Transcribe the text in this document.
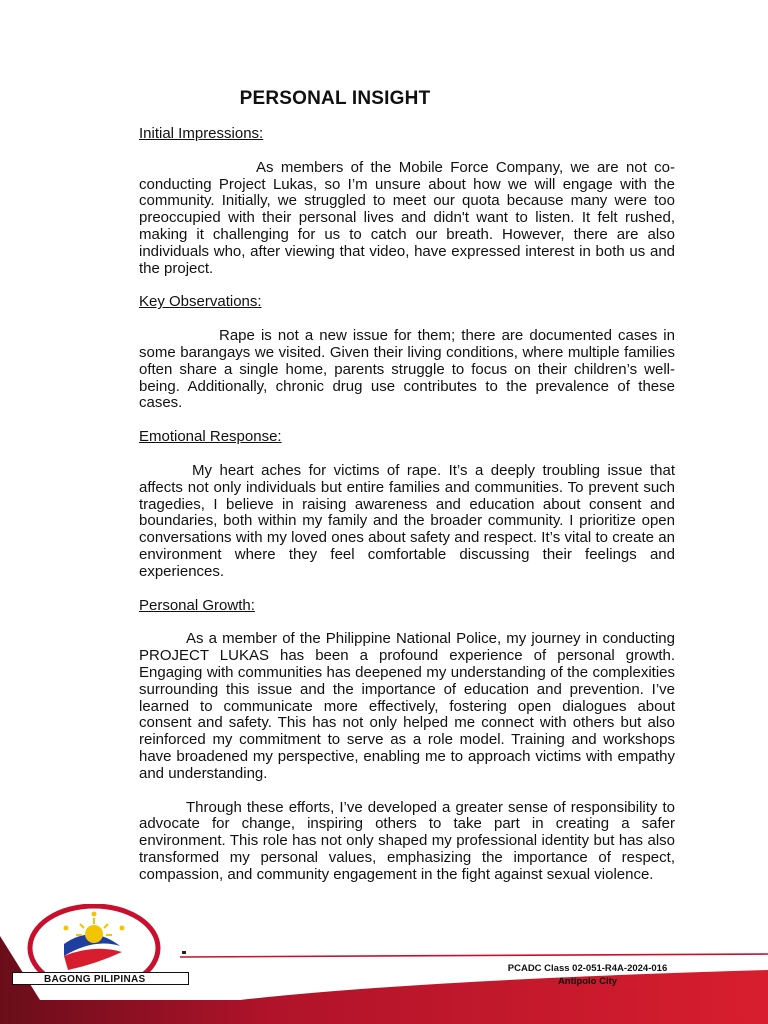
PERSONAL INSIGHT

Initial Impressions:

As members of the Mobile Force Company, we are not co-conducting Project Lukas, so I’m unsure about how we will engage with the community. Initially, we struggled to meet our quota because many were too preoccupied with their personal lives and didn't want to listen. It felt rushed, making it challenging for us to catch our breath. However, there are also individuals who, after viewing that video, have expressed interest in both us and the project.

Key Observations:

Rape is not a new issue for them; there are documented cases in some barangays we visited. Given their living conditions, where multiple families often share a single home, parents struggle to focus on their children’s well-being. Additionally, chronic drug use contributes to the prevalence of these cases.

Emotional Response:

My heart aches for victims of rape. It’s a deeply troubling issue that affects not only individuals but entire families and communities. To prevent such tragedies, I believe in raising awareness and education about consent and boundaries, both within my family and the broader community. I prioritize open conversations with my loved ones about safety and respect. It’s vital to create an environment where they feel comfortable discussing their feelings and experiences.

Personal Growth:

As a member of the Philippine National Police, my journey in conducting PROJECT LUKAS has been a profound experience of personal growth. Engaging with communities has deepened my understanding of the complexities surrounding this issue and the importance of education and prevention. I’ve learned to communicate more effectively, fostering open dialogues about consent and safety. This has not only helped me connect with others but also reinforced my commitment to serve as a role model. Training and workshops have broadened my perspective, enabling me to approach victims with empathy and understanding.

Through these efforts, I’ve developed a greater sense of responsibility to advocate for change, inspiring others to take part in creating a safer environment. This role has not only shaped my professional identity but has also transformed my personal values, emphasizing the importance of respect, compassion, and community engagement in the fight against sexual violence.

BAGONG PILIPINAS
PCADC Class 02-051-R4A-2024-016
Antipolo City
